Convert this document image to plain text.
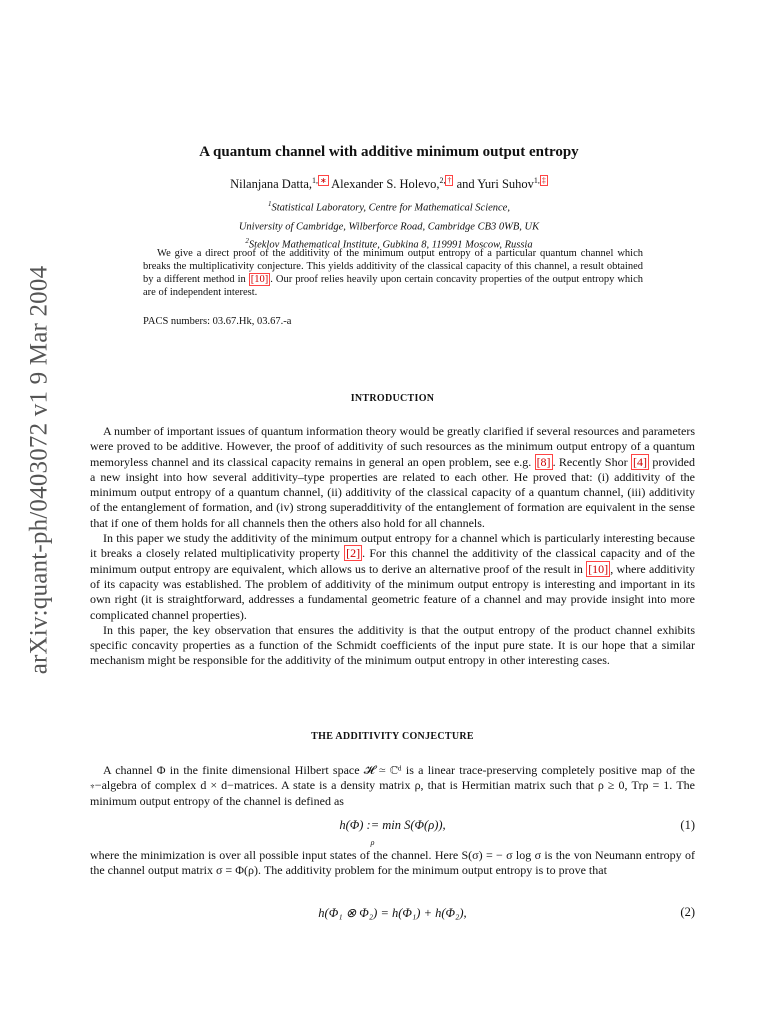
arXiv:quant-ph/0403072 v1 9 Mar 2004
A quantum channel with additive minimum output entropy
Nilanjana Datta,$^{1,}$ ∗ Alexander S. Holevo,$^{2,}$ † and Yuri Suhov$^{1,}$ ‡
$^1$Statistical Laboratory, Centre for Mathematical Science,
University of Cambridge, Wilberforce Road, Cambridge CB3 0WB, UK
$^2$Steklov Mathematical Institute, Gubkina 8, 119991 Moscow, Russia
We give a direct proof of the additivity of the minimum output entropy of a particular quantum channel which breaks the multiplicativity conjecture. This yields additivity of the classical capacity of this channel, a result obtained by a different method in [10] . Our proof relies heavily upon certain concavity properties of the output entropy which are of independent interest.
PACS numbers: 03.67.Hk, 03.67.-a
INTRODUCTION

A number of important issues of quantum information theory would be greatly clarified if several resources and parameters were proved to be additive. However, the proof of additivity of such resources as the minimum output entropy of a quantum memoryless channel and its classical capacity remains in general an open problem, see e.g. [8] . Recently Shor [4] provided a new insight into how several additivity–type properties are related to each other. He proved that: (i) additivity of the minimum output entropy of a quantum channel, (ii) additivity of the classical capacity of a quantum channel, (iii) additivity of the entanglement of formation, and (iv) strong superadditivity of the entanglement of formation are equivalent in the sense that if one of them holds for all channels then the others also hold for all channels.

In this paper we study the additivity of the minimum output entropy for a channel which is particularly interesting because it breaks a closely related multiplicativity property [2] . For this channel the additivity of the classical capacity and of the minimum output entropy are equivalent, which allows us to derive an alternative proof of the result in [10] , where additivity of its capacity was established. The problem of additivity of the minimum output entropy is interesting and important in its own right (it is straightforward, addresses a fundamental geometric feature of a channel and may provide insight into more complicated channel properties).

In this paper, the key observation that ensures the additivity is that the output entropy of the product channel exhibits specific concavity properties as a function of the Schmidt coefficients of the input pure state. It is our hope that a similar mechanism might be responsible for the additivity of the minimum output entropy in other interesting cases.

THE ADDITIVITY CONJECTURE

A channel Φ in the finite dimensional Hilbert space 𝓗 ≃ ℂᵈ is a linear trace-preserving completely positive map of the ∗−algebra of complex d × d−matrices. A state is a density matrix ρ, that is Hermitian matrix such that ρ ≥ 0, Trρ = 1. The minimum output entropy of the channel is defined as

h(Φ) := min S(Φ(ρ)),
$_\rho$
(1)

where the minimization is over all possible input states of the channel. Here S(σ) = − σ log σ is the von Neumann entropy of the channel output matrix σ = Φ(ρ). The additivity problem for the minimum output entropy is to prove that

h(Φ₁ ⊗ Φ₂) = h(Φ₁) + h(Φ₂),	(2)
